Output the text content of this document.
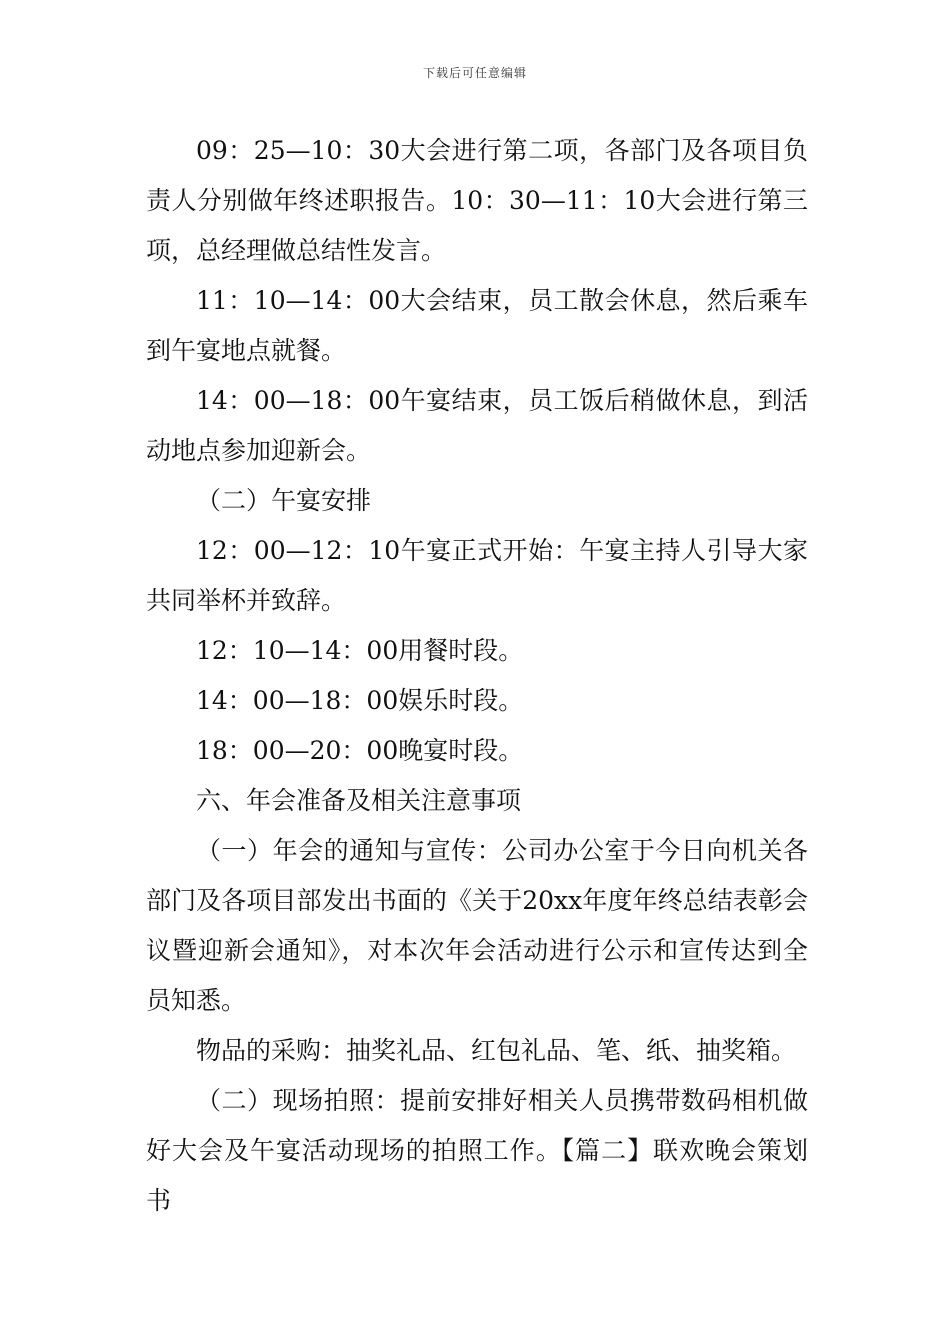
下载后可任意编辑

09：25—10：30大会进行第二项，各部门及各项目负责人分别做年终述职报告。10：30—11：10大会进行第三项，总经理做总结性发言。

11：10—14：00大会结束，员工散会休息，然后乘车到午宴地点就餐。

14：00—18：00午宴结束，员工饭后稍做休息，到活动地点参加迎新会。

（二）午宴安排

12：00—12：10午宴正式开始：午宴主持人引导大家共同举杯并致辞。

12：10—14：00用餐时段。

14：00—18：00娱乐时段。

18：00—20：00晚宴时段。

六、年会准备及相关注意事项

（一）年会的通知与宣传：公司办公室于今日向机关各部门及各项目部发出书面的《关于20xx年度年终总结表彰会议暨迎新会通知》，对本次年会活动进行公示和宣传达到全员知悉。

物品的采购：抽奖礼品、红包礼品、笔、纸、抽奖箱。

（二）现场拍照：提前安排好相关人员携带数码相机做好大会及午宴活动现场的拍照工作。【篇二】联欢晚会策划书
